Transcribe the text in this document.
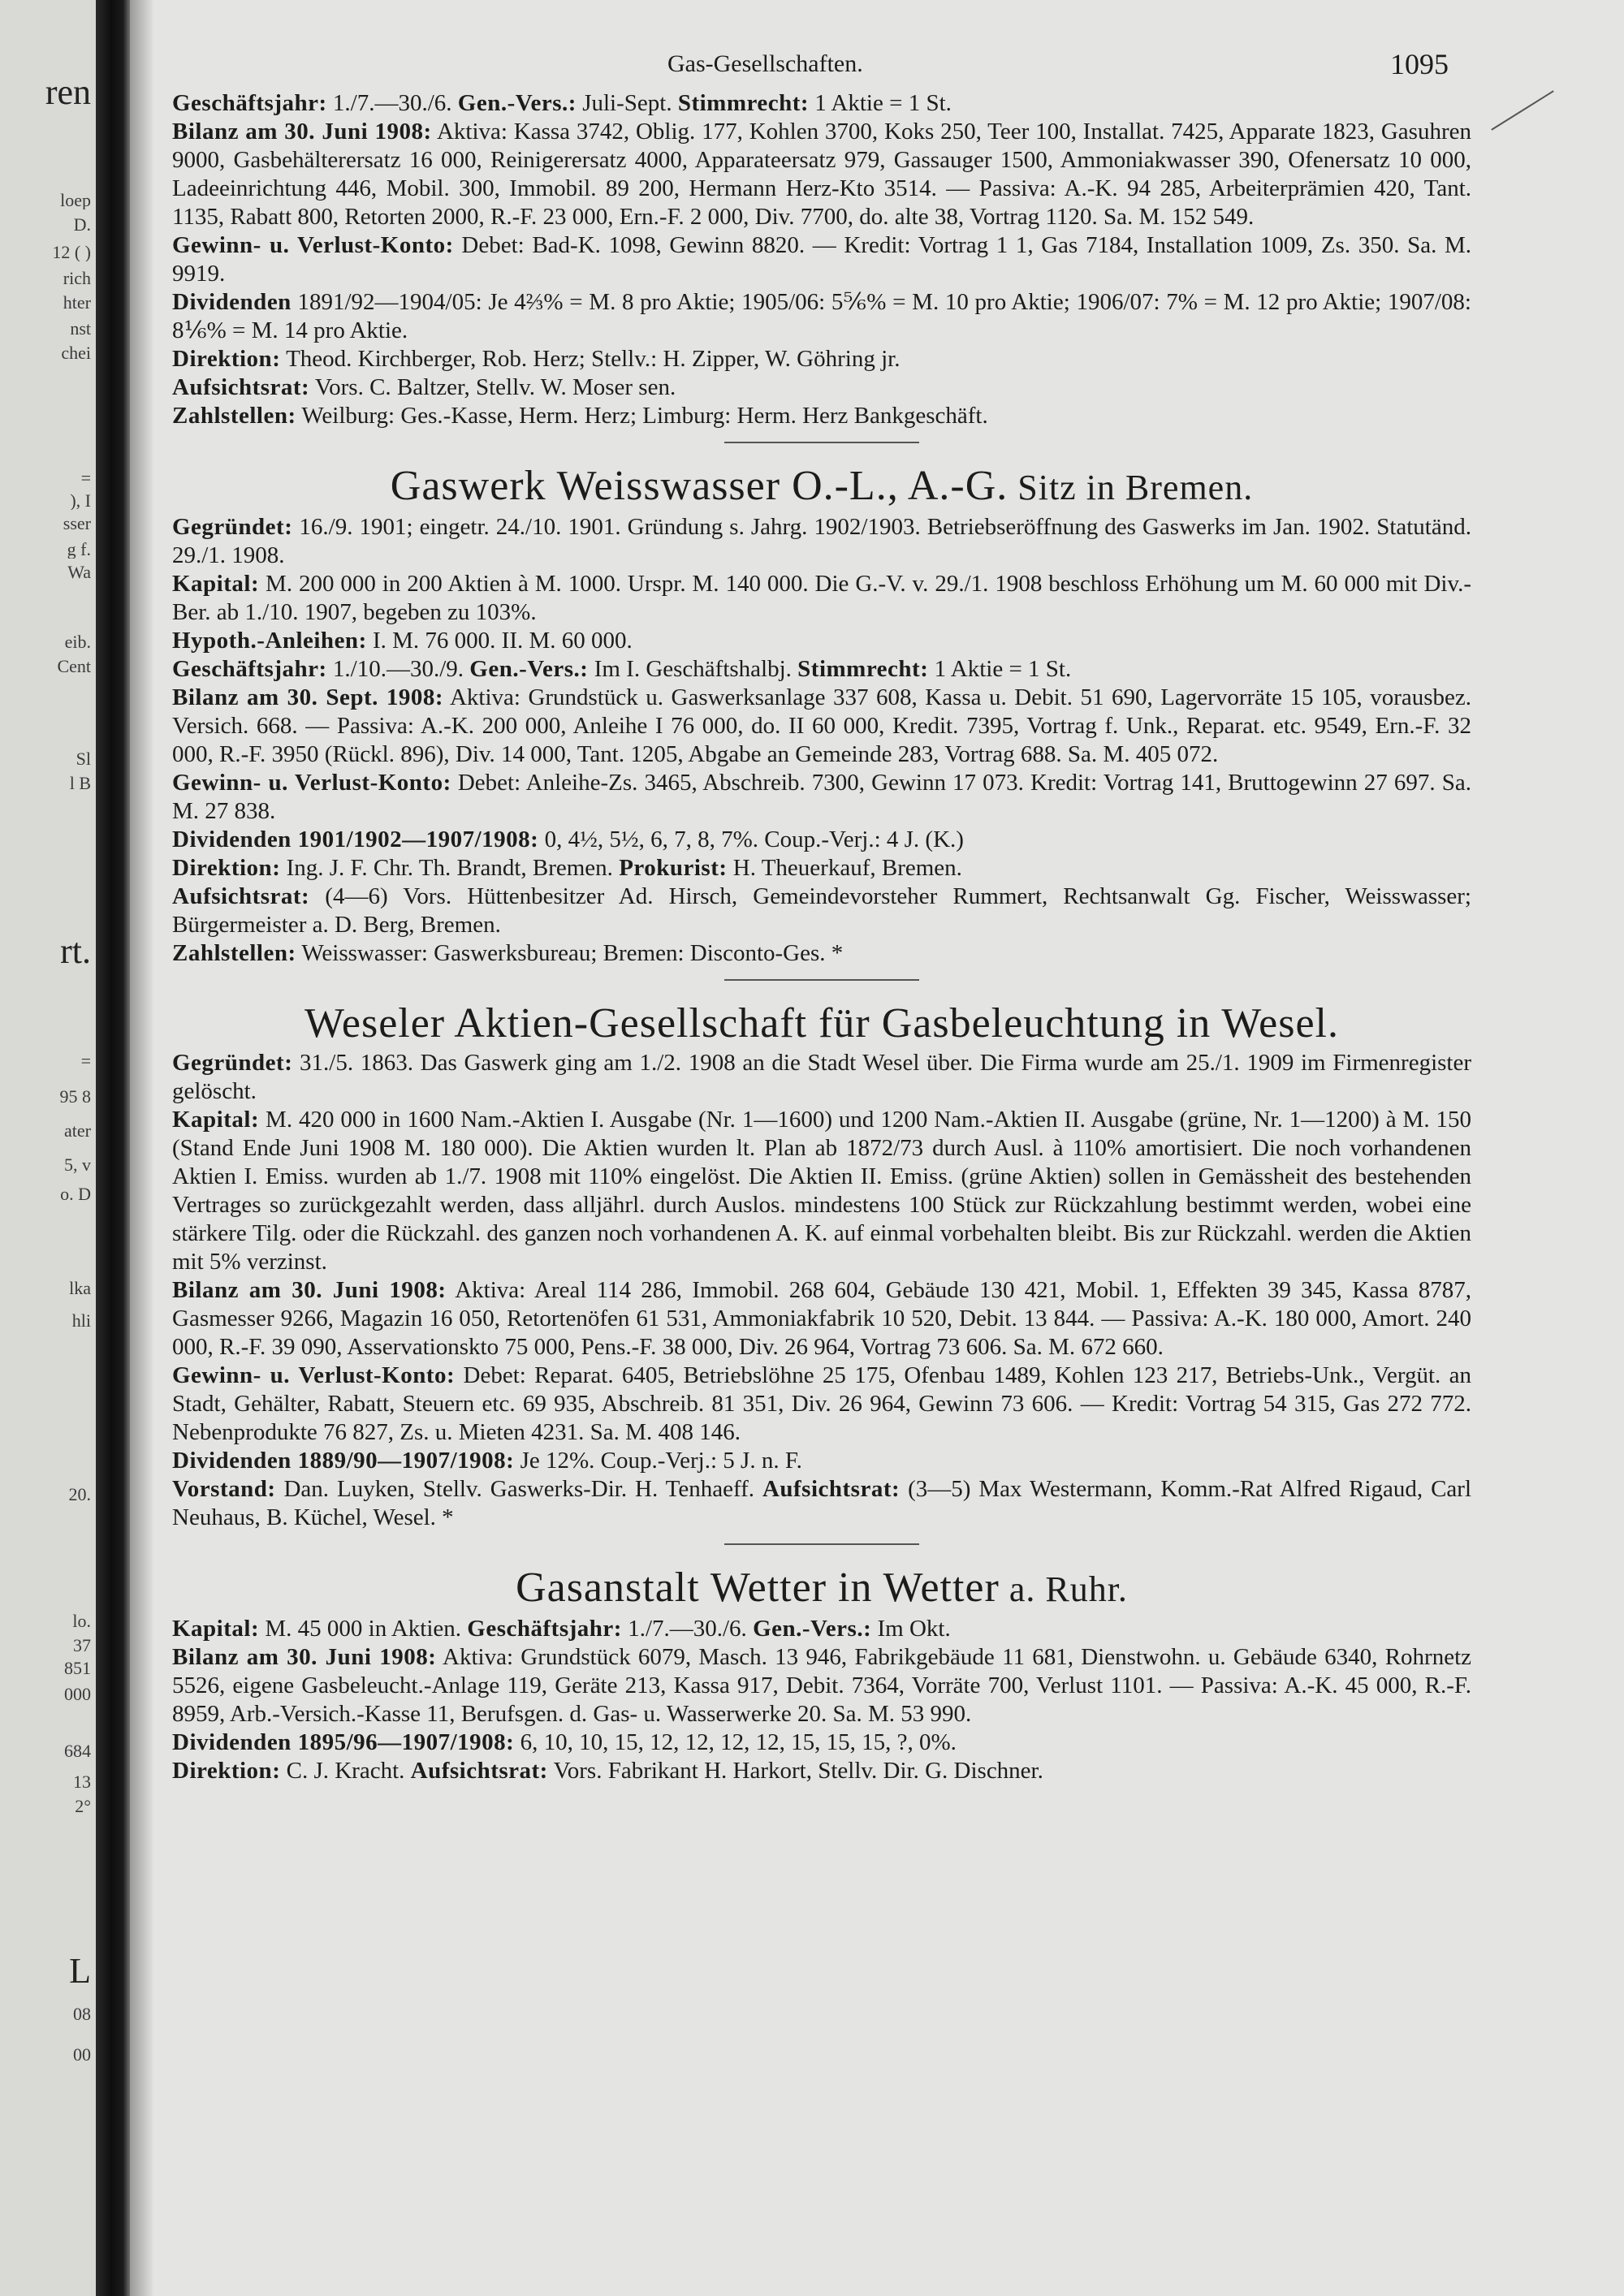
ren
loep
D.
12 ( )
rich
hter
nst
chei
=
), I
sser
g f.
Wa
eib.
Cent
Sl
l B
rt.
=
95 8
ater
5, v
o. D
lka
hli
20.
lo.
37
851
000
684
13
2°
L
08
00
Gas-Gesellschaften.	1095

Geschäftsjahr: 1./7.—30./6. Gen.-Vers.: Juli-Sept. Stimmrecht: 1 Aktie = 1 St.

Bilanz am 30. Juni 1908: Aktiva: Kassa 3742, Oblig. 177, Kohlen 3700, Koks 250, Teer 100, Installat. 7425, Apparate 1823, Gasuhren 9000, Gasbehälterersatz 16 000, Reinigerersatz 4000, Apparateersatz 979, Gassauger 1500, Ammoniakwasser 390, Ofenersatz 10 000, Ladeeinrichtung 446, Mobil. 300, Immobil. 89 200, Hermann Herz-Kto 3514. — Passiva: A.-K. 94 285, Arbeiterprämien 420, Tant. 1135, Rabatt 800, Retorten 2000, R.-F. 23 000, Ern.-F. 2 000, Div. 7700, do. alte 38, Vortrag 1120. Sa. M. 152 549.

Gewinn- u. Verlust-Konto: Debet: Bad-K. 1098, Gewinn 8820. — Kredit: Vortrag 1 1, Gas 7184, Installation 1009, Zs. 350. Sa. M. 9919.

Dividenden 1891/92—1904/05: Je 4⅔% = M. 8 pro Aktie; 1905/06: 5⅚% = M. 10 pro Aktie; 1906/07: 7% = M. 12 pro Aktie; 1907/08: 8⅙% = M. 14 pro Aktie.

Direktion: Theod. Kirchberger, Rob. Herz; Stellv.: H. Zipper, W. Göhring jr.

Aufsichtsrat: Vors. C. Baltzer, Stellv. W. Moser sen.

Zahlstellen: Weilburg: Ges.-Kasse, Herm. Herz; Limburg: Herm. Herz Bankgeschäft.

Gaswerk Weisswasser O.-L., A.-G. Sitz in Bremen.

Gegründet: 16./9. 1901; eingetr. 24./10. 1901. Gründung s. Jahrg. 1902/1903. Betriebseröffnung des Gaswerks im Jan. 1902. Statutänd. 29./1. 1908.

Kapital: M. 200 000 in 200 Aktien à M. 1000. Urspr. M. 140 000. Die G.-V. v. 29./1. 1908 beschloss Erhöhung um M. 60 000 mit Div.-Ber. ab 1./10. 1907, begeben zu 103%.

Hypoth.-Anleihen: I. M. 76 000. II. M. 60 000.

Geschäftsjahr: 1./10.—30./9. Gen.-Vers.: Im I. Geschäftshalbj. Stimmrecht: 1 Aktie = 1 St.

Bilanz am 30. Sept. 1908: Aktiva: Grundstück u. Gaswerksanlage 337 608, Kassa u. Debit. 51 690, Lagervorräte 15 105, vorausbez. Versich. 668. — Passiva: A.-K. 200 000, Anleihe I 76 000, do. II 60 000, Kredit. 7395, Vortrag f. Unk., Reparat. etc. 9549, Ern.-F. 32 000, R.-F. 3950 (Rückl. 896), Div. 14 000, Tant. 1205, Abgabe an Gemeinde 283, Vortrag 688. Sa. M. 405 072.

Gewinn- u. Verlust-Konto: Debet: Anleihe-Zs. 3465, Abschreib. 7300, Gewinn 17 073. Kredit: Vortrag 141, Bruttogewinn 27 697. Sa. M. 27 838.

Dividenden 1901/1902—1907/1908: 0, 4½, 5½, 6, 7, 8, 7%. Coup.-Verj.: 4 J. (K.)

Direktion: Ing. J. F. Chr. Th. Brandt, Bremen. Prokurist: H. Theuerkauf, Bremen.

Aufsichtsrat: (4—6) Vors. Hüttenbesitzer Ad. Hirsch, Gemeindevorsteher Rummert, Rechtsanwalt Gg. Fischer, Weisswasser; Bürgermeister a. D. Berg, Bremen.

Zahlstellen: Weisswasser: Gaswerksbureau; Bremen: Disconto-Ges. *

Weseler Aktien-Gesellschaft für Gasbeleuchtung in Wesel.

Gegründet: 31./5. 1863. Das Gaswerk ging am 1./2. 1908 an die Stadt Wesel über. Die Firma wurde am 25./1. 1909 im Firmenregister gelöscht.

Kapital: M. 420 000 in 1600 Nam.-Aktien I. Ausgabe (Nr. 1—1600) und 1200 Nam.-Aktien II. Ausgabe (grüne, Nr. 1—1200) à M. 150 (Stand Ende Juni 1908 M. 180 000). Die Aktien wurden lt. Plan ab 1872/73 durch Ausl. à 110% amortisiert. Die noch vorhandenen Aktien I. Emiss. wurden ab 1./7. 1908 mit 110% eingelöst. Die Aktien II. Emiss. (grüne Aktien) sollen in Gemässheit des bestehenden Vertrages so zurückgezahlt werden, dass alljährl. durch Auslos. mindestens 100 Stück zur Rückzahlung bestimmt werden, wobei eine stärkere Tilg. oder die Rückzahl. des ganzen noch vorhandenen A. K. auf einmal vorbehalten bleibt. Bis zur Rückzahl. werden die Aktien mit 5% verzinst.

Bilanz am 30. Juni 1908: Aktiva: Areal 114 286, Immobil. 268 604, Gebäude 130 421, Mobil. 1, Effekten 39 345, Kassa 8787, Gasmesser 9266, Magazin 16 050, Retortenöfen 61 531, Ammoniakfabrik 10 520, Debit. 13 844. — Passiva: A.-K. 180 000, Amort. 240 000, R.-F. 39 090, Asservationskto 75 000, Pens.-F. 38 000, Div. 26 964, Vortrag 73 606. Sa. M. 672 660.

Gewinn- u. Verlust-Konto: Debet: Reparat. 6405, Betriebslöhne 25 175, Ofenbau 1489, Kohlen 123 217, Betriebs-Unk., Vergüt. an Stadt, Gehälter, Rabatt, Steuern etc. 69 935, Abschreib. 81 351, Div. 26 964, Gewinn 73 606. — Kredit: Vortrag 54 315, Gas 272 772. Nebenprodukte 76 827, Zs. u. Mieten 4231. Sa. M. 408 146.

Dividenden 1889/90—1907/1908: Je 12%. Coup.-Verj.: 5 J. n. F.

Vorstand: Dan. Luyken, Stellv. Gaswerks-Dir. H. Tenhaeff. Aufsichtsrat: (3—5) Max Westermann, Komm.-Rat Alfred Rigaud, Carl Neuhaus, B. Küchel, Wesel. *

Gasanstalt Wetter in Wetter a. Ruhr.

Kapital: M. 45 000 in Aktien. Geschäftsjahr: 1./7.—30./6. Gen.-Vers.: Im Okt.

Bilanz am 30. Juni 1908: Aktiva: Grundstück 6079, Masch. 13 946, Fabrikgebäude 11 681, Dienstwohn. u. Gebäude 6340, Rohrnetz 5526, eigene Gasbeleucht.-Anlage 119, Geräte 213, Kassa 917, Debit. 7364, Vorräte 700, Verlust 1101. — Passiva: A.-K. 45 000, R.-F. 8959, Arb.-Versich.-Kasse 11, Berufsgen. d. Gas- u. Wasserwerke 20. Sa. M. 53 990.

Dividenden 1895/96—1907/1908: 6, 10, 10, 15, 12, 12, 12, 12, 15, 15, 15, ?, 0%.

Direktion: C. J. Kracht. Aufsichtsrat: Vors. Fabrikant H. Harkort, Stellv. Dir. G. Dischner.
